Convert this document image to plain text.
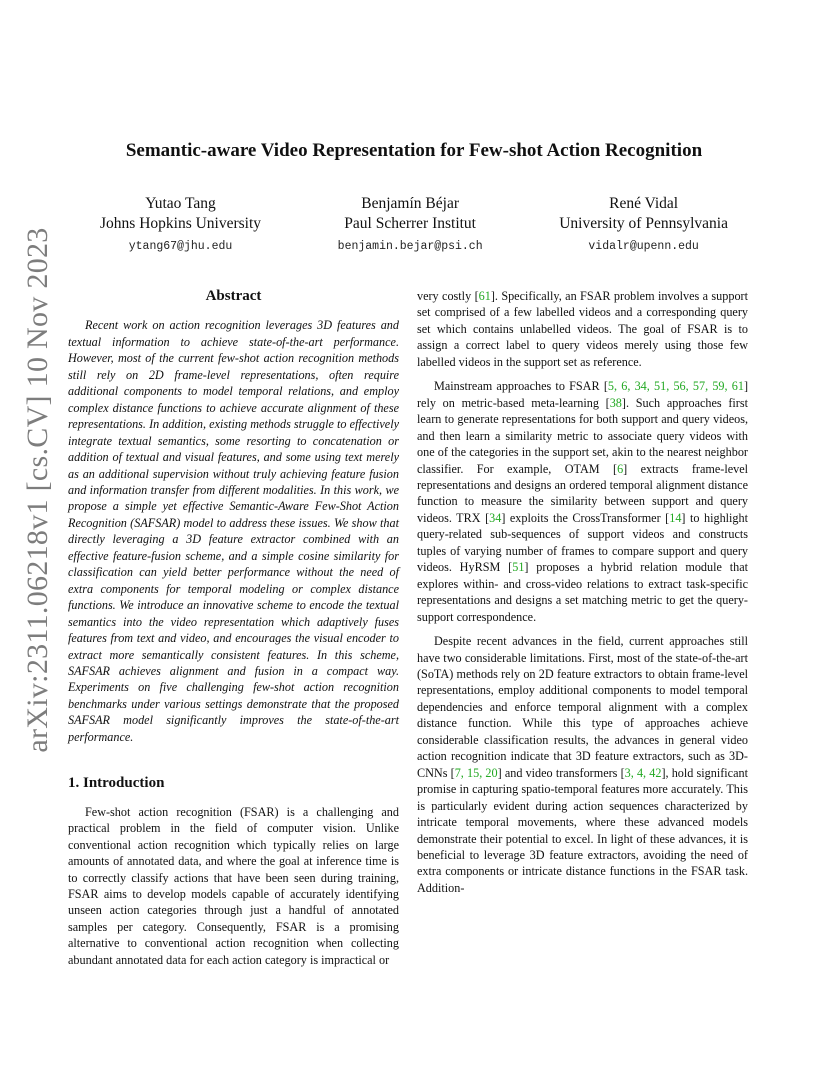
arXiv:2311.06218v1 [cs.CV] 10 Nov 2023
Semantic-aware Video Representation for Few-shot Action Recognition
Yutao Tang
Johns Hopkins University
ytang67@jhu.edu
Benjamín Béjar
Paul Scherrer Institut
benjamin.bejar@psi.ch
René Vidal
University of Pennsylvania
vidalr@upenn.edu
Abstract

Recent work on action recognition leverages 3D features and textual information to achieve state-of-the-art performance. However, most of the current few-shot action recognition methods still rely on 2D frame-level representations, often require additional components to model temporal relations, and employ complex distance functions to achieve accurate alignment of these representations. In addition, existing methods struggle to effectively integrate textual semantics, some resorting to concatenation or addition of textual and visual features, and some using text merely as an additional supervision without truly achieving feature fusion and information transfer from different modalities. In this work, we propose a simple yet effective Semantic-Aware Few-Shot Action Recognition (SAFSAR) model to address these issues. We show that directly leveraging a 3D feature extractor combined with an effective feature-fusion scheme, and a simple cosine similarity for classification can yield better performance without the need of extra components for temporal modeling or complex distance functions. We introduce an innovative scheme to encode the textual semantics into the video representation which adaptively fuses features from text and video, and encourages the visual encoder to extract more semantically consistent features. In this scheme, SAFSAR achieves alignment and fusion in a compact way. Experiments on five challenging few-shot action recognition benchmarks under various settings demonstrate that the proposed SAFSAR model significantly improves the state-of-the-art performance.

1. Introduction

Few-shot action recognition (FSAR) is a challenging and practical problem in the field of computer vision. Unlike conventional action recognition which typically relies on large amounts of annotated data, and where the goal at inference time is to correctly classify actions that have been seen during training, FSAR aims to develop models capable of accurately identifying unseen action categories through just a handful of annotated samples per category. Consequently, FSAR is a promising alternative to conventional action recognition when collecting abundant annotated data for each action category is impractical or

very costly [61]. Specifically, an FSAR problem involves a support set comprised of a few labelled videos and a corresponding query set which contains unlabelled videos. The goal of FSAR is to assign a correct label to query videos merely using those few labelled videos in the support set as reference.

Mainstream approaches to FSAR [5, 6, 34, 51, 56, 57, 59, 61] rely on metric-based meta-learning [38]. Such approaches first learn to generate representations for both support and query videos, and then learn a similarity metric to associate query videos with one of the categories in the support set, akin to the nearest neighbor classifier. For example, OTAM [6] extracts frame-level representations and designs an ordered temporal alignment distance function to measure the similarity between support and query videos. TRX [34] exploits the CrossTransformer [14] to highlight query-related sub-sequences of support videos and constructs tuples of varying number of frames to compare support and query videos. HyRSM [51] proposes a hybrid relation module that explores within- and cross-video relations to extract task-specific representations and designs a set matching metric to get the query-support correspondence.

Despite recent advances in the field, current approaches still have two considerable limitations. First, most of the state-of-the-art (SoTA) methods rely on 2D feature extractors to obtain frame-level representations, employ additional components to model temporal dependencies and enforce temporal alignment with a complex distance function. While this type of approaches achieve considerable classification results, the advances in general video action recognition indicate that 3D feature extractors, such as 3D-CNNs [7, 15, 20] and video transformers [3, 4, 42], hold significant promise in capturing spatio-temporal features more accurately. This is particularly evident during action sequences characterized by intricate temporal movements, where these advanced models demonstrate their potential to excel. In light of these advances, it is beneficial to leverage 3D feature extractors, avoiding the need of extra components or intricate distance functions in the FSAR task. Addition-
